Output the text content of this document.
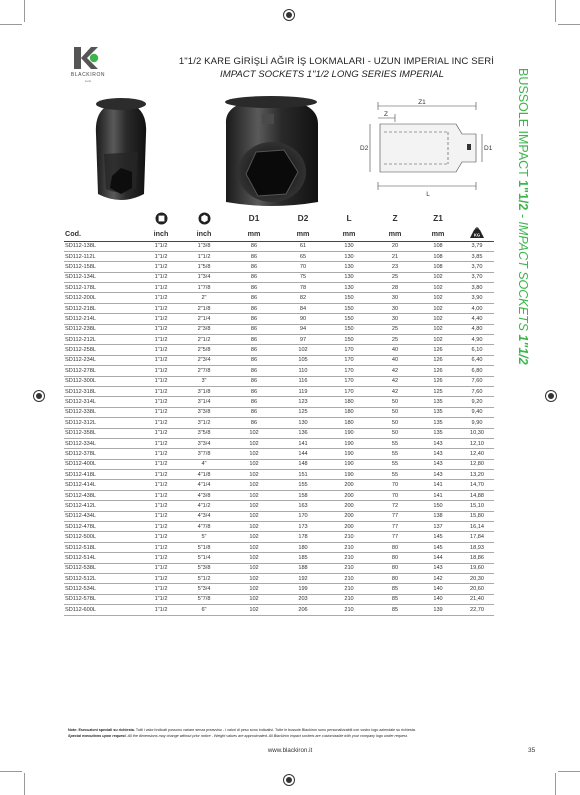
BLACKIRON
tools
1"1/2 KARE GİRİŞLİ AĞIR İŞ LOKMALARI - UZUN IMPERIAL INC SERİ
IMPACT SOCKETS 1"1/2 LONG SERIES IMPERIAL	BUSSOLE IMPACT 1"1/2 - IMPACT SOCKETS 1"1/2
Z1
Z
D2	D1
L
			D1	D2	L	Z	Z1	
Cod.	inch	inch	mm	mm	mm	mm	mm	KG

SD112-138L	1"1/2	1"3/8	86	61	130	20	108	3,79
SD112-112L	1"1/2	1"1/2	86	65	130	21	108	3,85
SD112-158L	1"1/2	1"5/8	86	70	130	23	108	3,70
SD112-134L	1"1/2	1"3/4	86	75	130	25	102	3,70
SD112-178L	1"1/2	1"7/8	86	78	130	28	102	3,80
SD112-200L	1"1/2	2"	86	82	150	30	102	3,90
SD112-218L	1"1/2	2"1/8	86	84	150	30	102	4,00
SD112-214L	1"1/2	2"1/4	86	90	150	30	102	4,40
SD112-238L	1"1/2	2"3/8	86	94	150	25	102	4,80
SD112-212L	1"1/2	2"1/2	86	97	150	25	102	4,90
SD112-258L	1"1/2	2"5/8	86	102	170	40	126	6,10
SD112-234L	1"1/2	2"3/4	86	105	170	40	126	6,40
SD112-278L	1"1/2	2"7/8	86	110	170	42	126	6,80
SD112-300L	1"1/2	3"	86	116	170	42	126	7,60
SD112-318L	1"1/2	3"1/8	86	119	170	42	125	7,60
SD112-314L	1"1/2	3"1/4	86	123	180	50	135	9,20
SD112-338L	1"1/2	3"3/8	86	125	180	50	135	9,40
SD112-312L	1"1/2	3"1/2	86	130	180	50	135	9,90
SD112-358L	1"1/2	3"5/8	102	136	190	50	135	10,30
SD112-334L	1"1/2	3"3/4	102	141	190	55	143	12,10
SD112-378L	1"1/2	3"7/8	102	144	190	55	143	12,40
SD112-400L	1"1/2	4"	102	148	190	55	143	12,80
SD112-418L	1"1/2	4"1/8	102	151	190	55	143	13,20
SD112-414L	1"1/2	4"1/4	102	155	200	70	141	14,70
SD112-438L	1"1/2	4"3/8	102	158	200	70	141	14,88
SD112-412L	1"1/2	4"1/2	102	163	200	72	150	15,10
SD112-434L	1"1/2	4"3/4	102	170	200	77	138	15,80
SD112-478L	1"1/2	4"7/8	102	173	200	77	137	16,14
SD112-500L	1"1/2	5"	102	178	210	77	145	17,84
SD112-518L	1"1/2	5"1/8	102	180	210	80	145	18,93
SD112-514L	1"1/2	5"1/4	102	185	210	80	144	18,86
SD112-538L	1"1/2	5"3/8	102	188	210	80	143	19,60
SD112-512L	1"1/2	5"1/2	102	192	210	80	142	20,30
SD112-534L	1"1/2	5"3/4	102	199	210	85	140	20,60
SD112-578L	1"1/2	5"7/8	102	203	210	85	140	21,40
SD112-600L	1"1/2	6"	102	206	210	85	139	22,70
Note: Esecuzioni speciali su richiesta. Tutti i valori indicati possono variare senza preavviso - i valori di peso sono indicativi. Tutte le bussole Blackiron sono personalizzabili con vostro logo aziendale su richiesta.
Special executions upon request. All the dimensions may change without prior notice - Weight values are approximated. All Blackiron impact sockets are customizable with your company logo under request.
www.blackiron.it	35
